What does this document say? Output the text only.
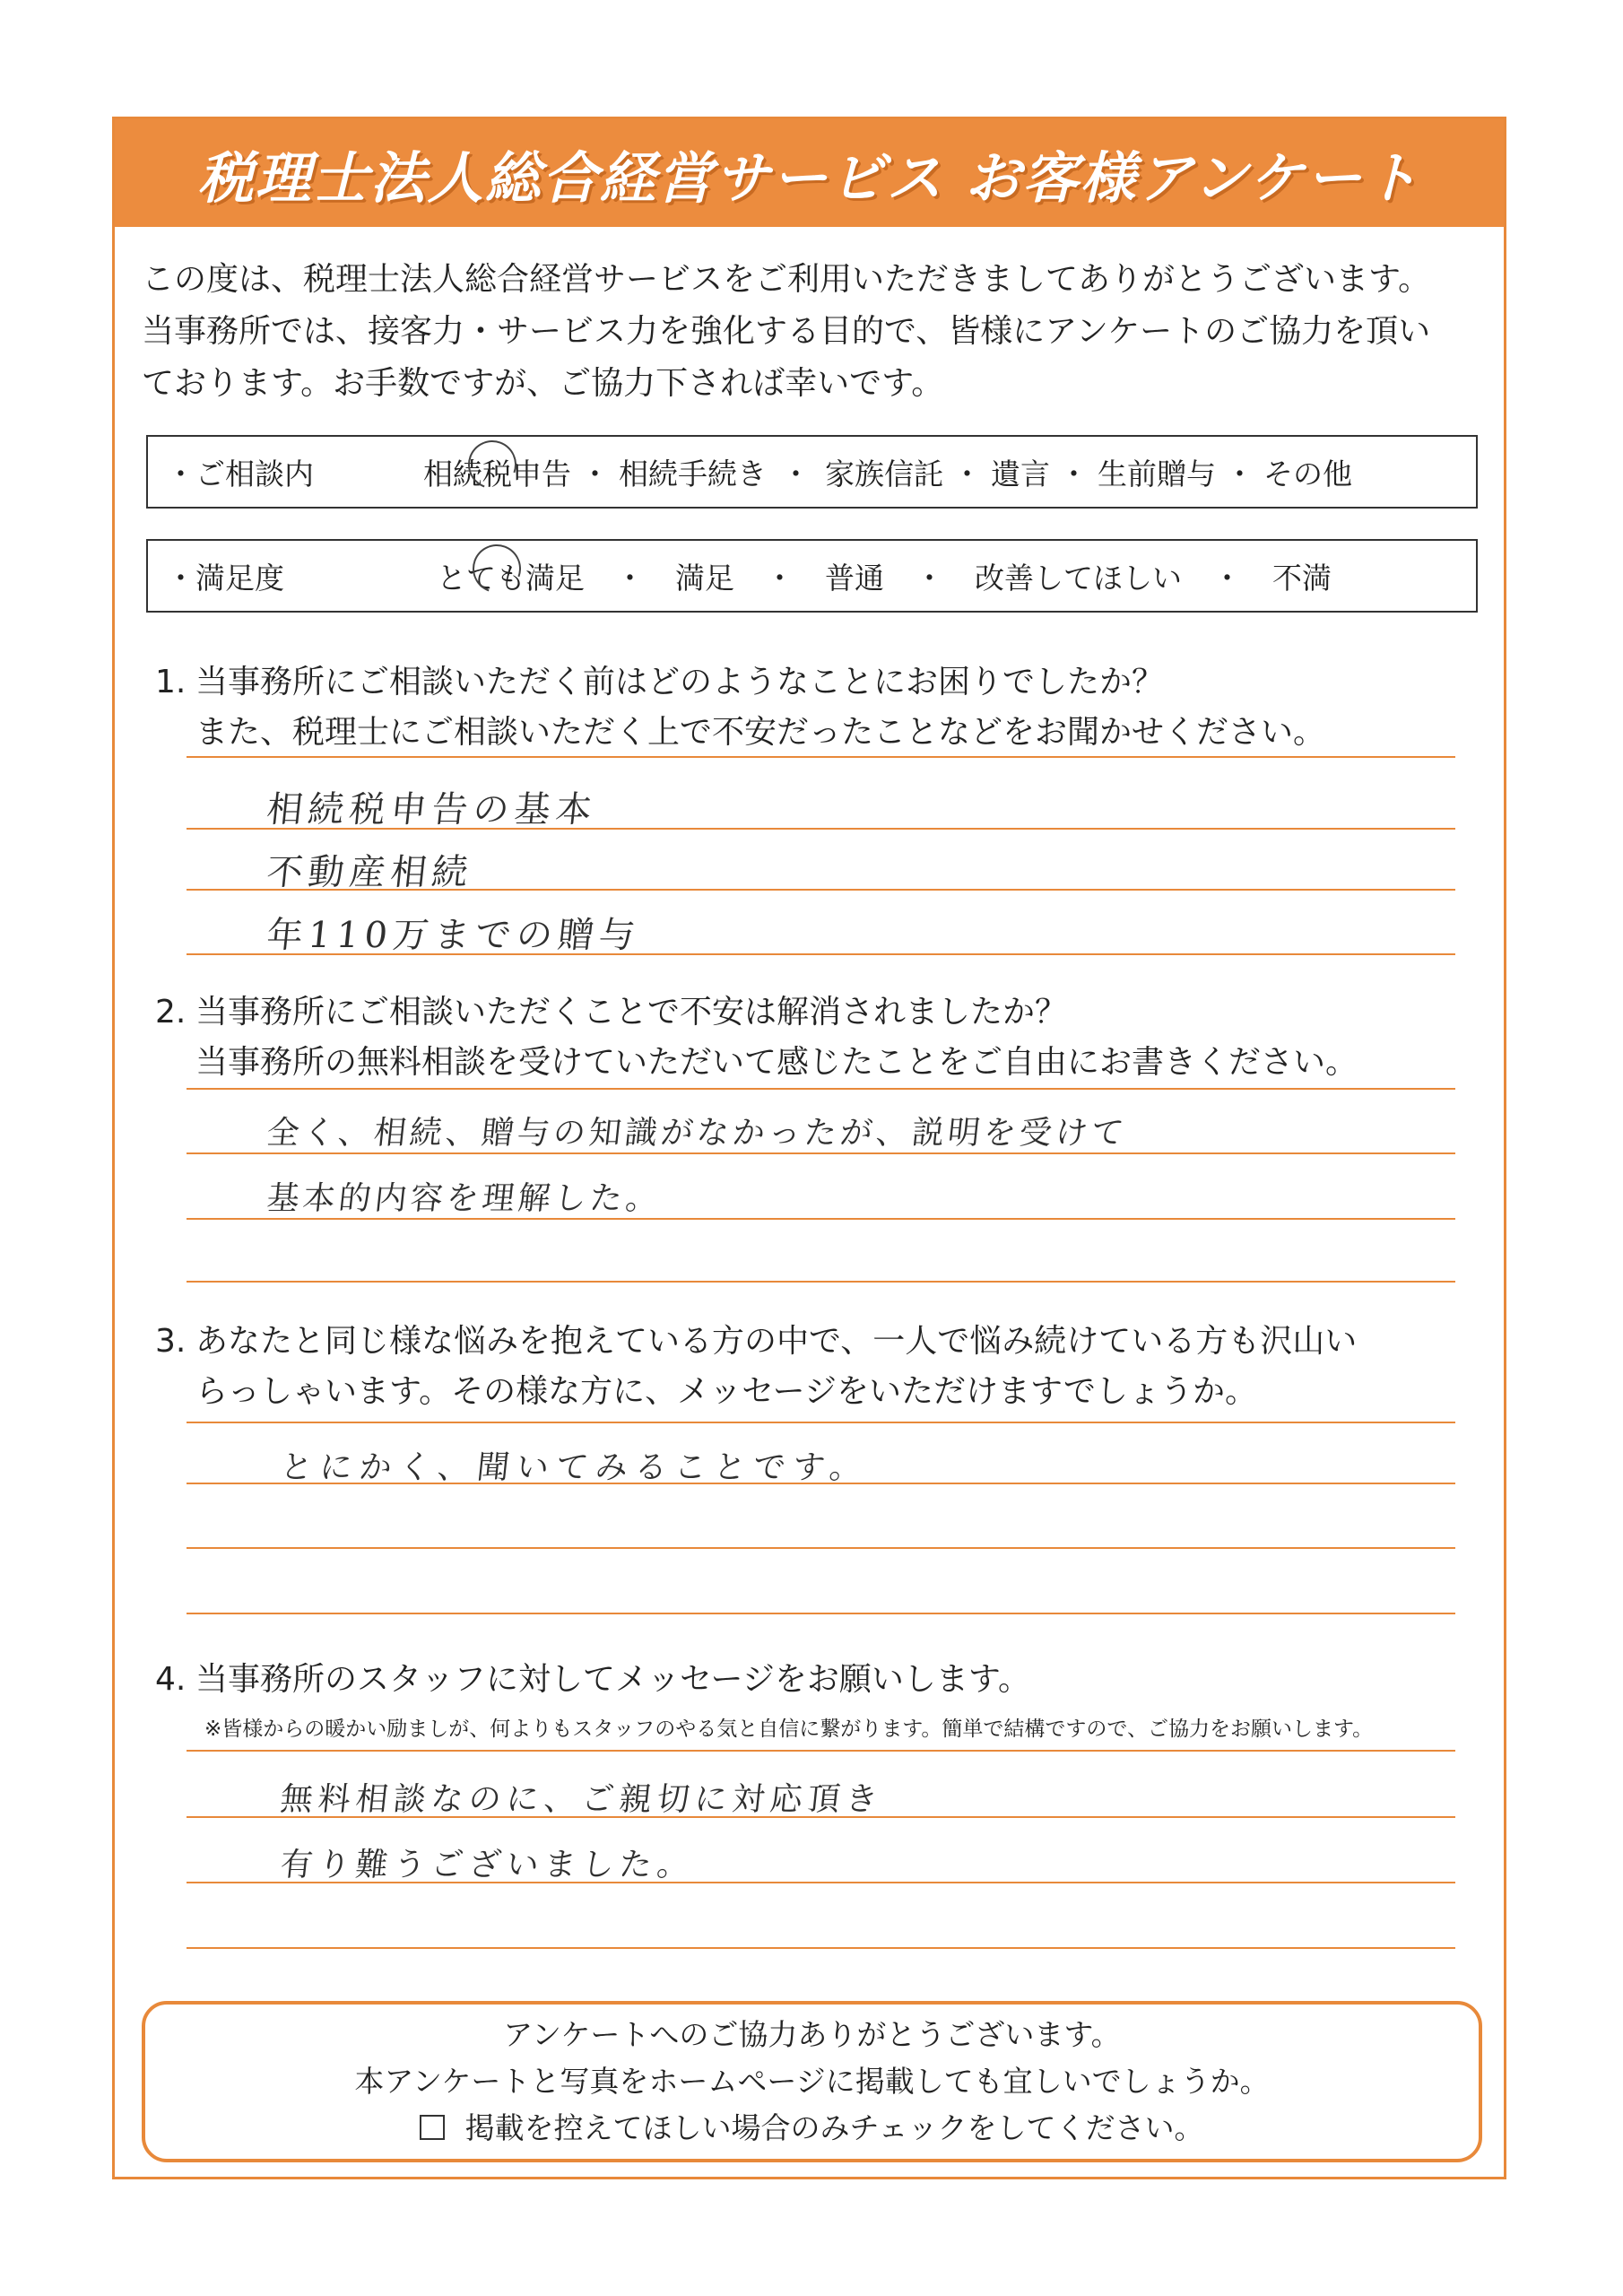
税理士法人総合経営サービス お客様アンケート
この度は、税理士法人総合経営サービスをご利用いただきましてありがとうございます。
当事務所では、接客力・サービス力を強化する目的で、皆様にアンケートのご協力を頂い
ております。お手数ですが、ご協力下されば幸いです。
・ご相談内	相続税申告 ・ 相続手続き ・ 家族信託 ・ 遺言 ・ 生前贈与 ・ その他
・満足度	とても満足 ・ 満足 ・ 普通 ・ 改善してほしい ・ 不満
1. 当事務所にご相談いただく前はどのようなことにお困りでしたか？
また、税理士にご相談いただく上で不安だったことなどをお聞かせください。
相続税申告の基本
不動産相続
年110万までの贈与
2. 当事務所にご相談いただくことで不安は解消されましたか？
当事務所の無料相談を受けていただいて感じたことをご自由にお書きください。
全く、相続、贈与の知識がなかったが、説明を受けて
基本的内容を理解した。
3. あなたと同じ様な悩みを抱えている方の中で、一人で悩み続けている方も沢山い
らっしゃいます。その様な方に、メッセージをいただけますでしょうか。
とにかく、聞いてみることです。
4. 当事務所のスタッフに対してメッセージをお願いします。
※皆様からの暖かい励ましが、何よりもスタッフのやる気と自信に繋がります。簡単で結構ですので、ご協力をお願いします。
無料相談なのに、ご親切に対応頂き
有り難うございました。
アンケートへのご協力ありがとうございます。
本アンケートと写真をホームページに掲載しても宜しいでしょうか。
掲載を控えてほしい場合のみチェックをしてください。
